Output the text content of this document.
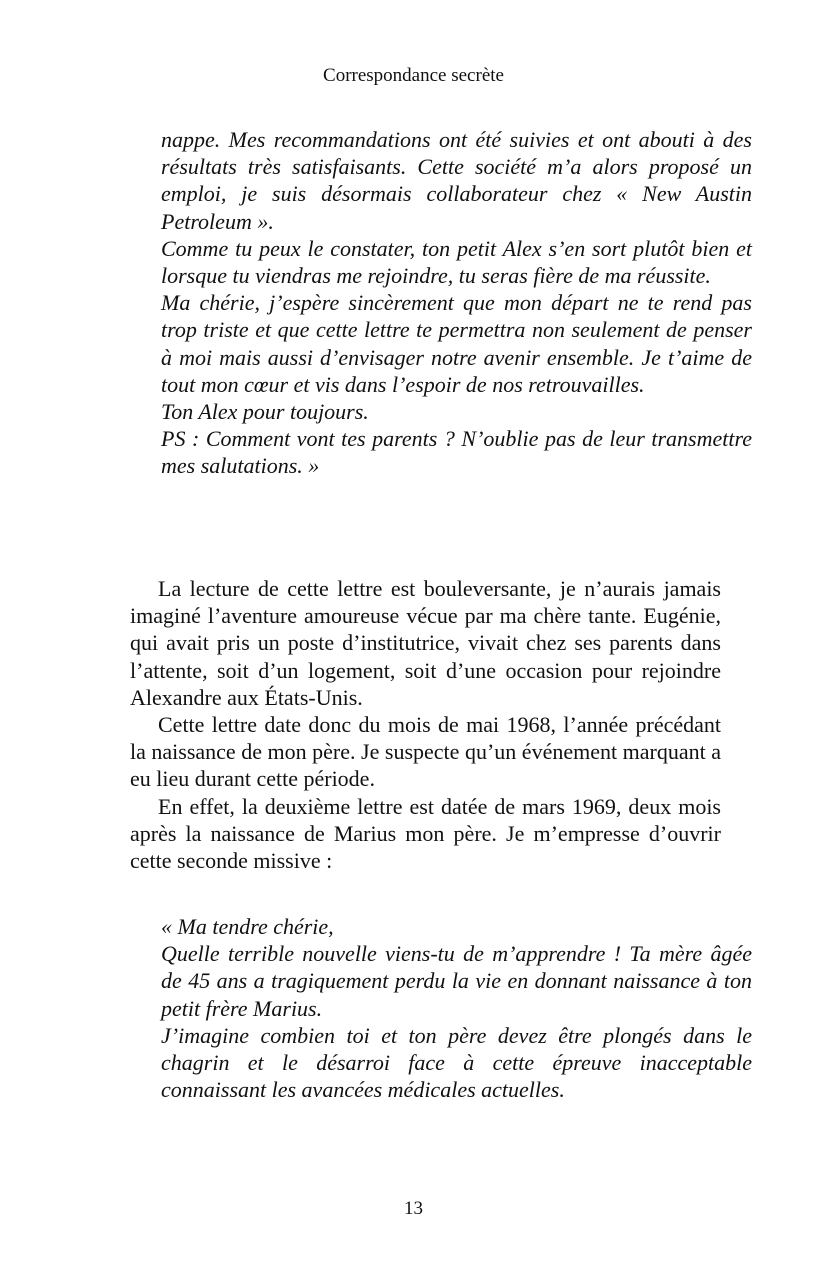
Correspondance secrète

nappe. Mes recommandations ont été suivies et ont abouti à des résultats très satisfaisants. Cette société m’a alors proposé un emploi, je suis désormais collaborateur chez « New Austin Petroleum ».

Comme tu peux le constater, ton petit Alex s’en sort plutôt bien et lorsque tu viendras me rejoindre, tu seras fière de ma réussite.

Ma chérie, j’espère sincèrement que mon départ ne te rend pas trop triste et que cette lettre te permettra non seulement de penser à moi mais aussi d’envisager notre avenir ensemble. Je t’aime de tout mon cœur et vis dans l’espoir de nos retrouvailles.

Ton Alex pour toujours.

PS : Comment vont tes parents ? N’oublie pas de leur transmettre mes salutations. »

La lecture de cette lettre est bouleversante, je n’aurais jamais imaginé l’aventure amoureuse vécue par ma chère tante. Eugénie, qui avait pris un poste d’institutrice, vivait chez ses parents dans l’attente, soit d’un logement, soit d’une occasion pour rejoindre Alexandre aux États-Unis.

Cette lettre date donc du mois de mai 1968, l’année précédant la naissance de mon père. Je suspecte qu’un événement marquant a eu lieu durant cette période.

En effet, la deuxième lettre est datée de mars 1969, deux mois après la naissance de Marius mon père. Je m’empresse d’ouvrir cette seconde missive :

« Ma tendre chérie,

Quelle terrible nouvelle viens-tu de m’apprendre ! Ta mère âgée de 45 ans a tragiquement perdu la vie en donnant naissance à ton petit frère Marius.

J’imagine combien toi et ton père devez être plongés dans le chagrin et le désarroi face à cette épreuve inacceptable connaissant les avancées médicales actuelles.

13
